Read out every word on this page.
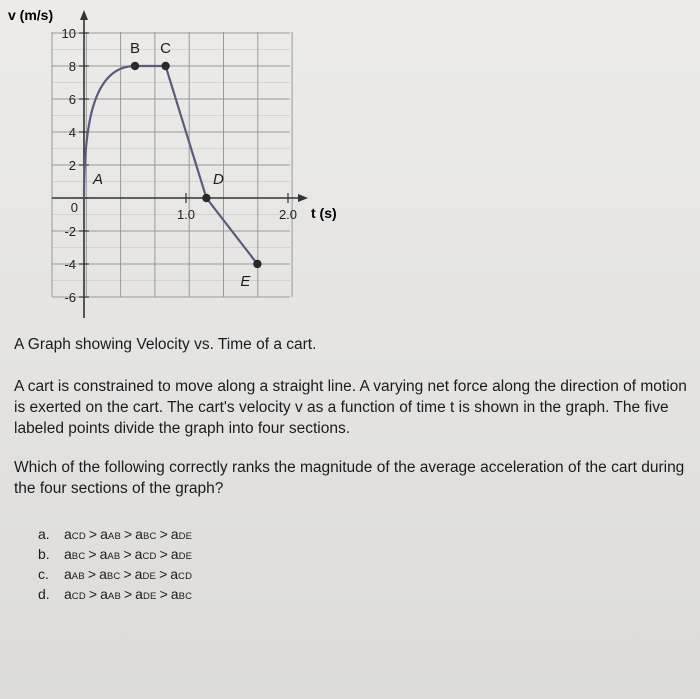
10
8
6
4
2
0
-2
-4
-6
1.0	2.0
A
B C
D
E
v (m/s)
t (s)
A Graph showing Velocity vs. Time of a cart.

A cart is constrained to move along a straight line. A varying net force along the direction of motion is exerted on the cart. The cart's velocity v as a function of time t is shown in the graph. The five labeled points divide the graph into four sections.

Which of the following correctly ranks the magnitude of the average acceleration of the cart during the four sections of the graph?

a. aCD > aAB > aBC > aDE
b. aBC > aAB > aCD > aDE
c. aAB > aBC > aDE > aCD
d. aCD > aAB > aDE > aBC
